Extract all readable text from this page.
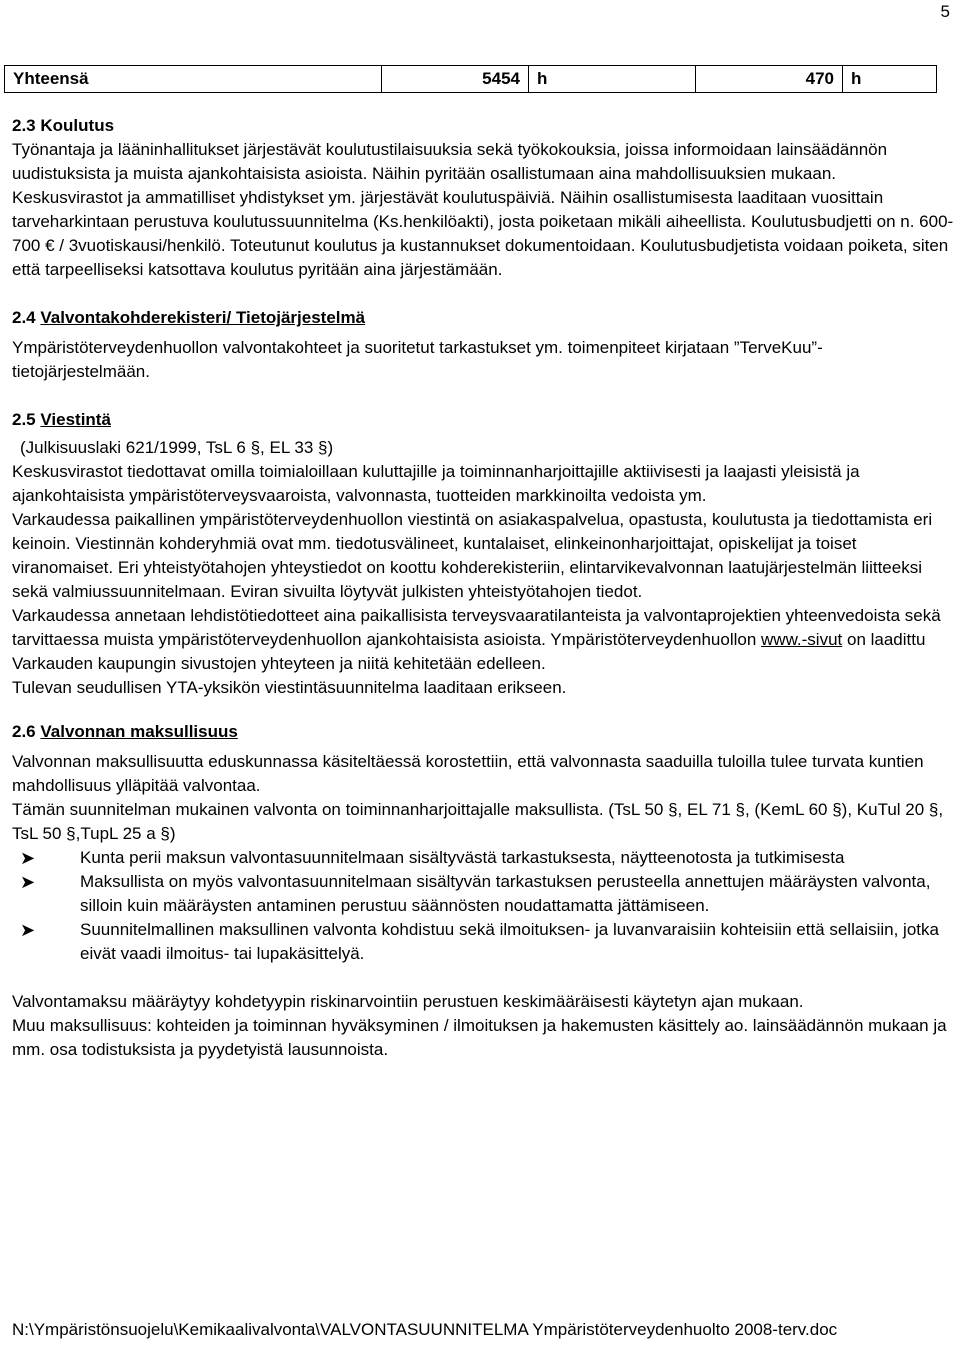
5
Yhteensä	5454	h	470	h
2.3 Koulutus

Työnantaja ja lääninhallitukset järjestävät koulutustilaisuuksia sekä työkokouksia, joissa informoidaan lainsäädännön uudistuksista ja muista ajankohtaisista asioista. Näihin pyritään osallistumaan aina mahdollisuuksien mukaan.

Keskusvirastot ja ammatilliset yhdistykset ym. järjestävät koulutuspäiviä. Näihin osallistumisesta laaditaan vuosittain tarveharkintaan perustuva koulutussuunnitelma (Ks.henkilöakti), josta poiketaan mikäli aiheellista. Koulutusbudjetti on n. 600-700 € / 3vuotiskausi/henkilö. Toteutunut koulutus ja kustannukset dokumentoidaan. Koulutusbudjetista voidaan poiketa, siten että tarpeelliseksi katsottava koulutus pyritään aina järjestämään.

2.4 Valvontakohderekisteri/ Tietojärjestelmä

Ympäristöterveydenhuollon valvontakohteet ja suoritetut tarkastukset ym. toimenpiteet kirjataan ”TerveKuu”- tietojärjestelmään.

2.5 Viestintä

(Julkisuuslaki 621/1999, TsL 6 §, EL 33 §)

Keskusvirastot tiedottavat omilla toimialoillaan kuluttajille ja toiminnanharjoittajille aktiivisesti ja laajasti yleisistä ja ajankohtaisista ympäristöterveysvaaroista, valvonnasta, tuotteiden markkinoilta vedoista ym.

Varkaudessa paikallinen ympäristöterveydenhuollon viestintä on asiakaspalvelua, opastusta, koulutusta ja tiedottamista eri keinoin. Viestinnän kohderyhmiä ovat mm. tiedotusvälineet, kuntalaiset, elinkeinonharjoittajat, opiskelijat ja toiset viranomaiset. Eri yhteistyötahojen yhteystiedot on koottu kohderekisteriin, elintarvikevalvonnan laatujärjestelmän liitteeksi sekä valmiussuunnitelmaan. Eviran sivuilta löytyvät julkisten yhteistyötahojen tiedot.

Varkaudessa annetaan lehdistötiedotteet aina paikallisista terveysvaaratilanteista ja valvontaprojektien yhteenvedoista sekä tarvittaessa muista ympäristöterveydenhuollon ajankohtaisista asioista. Ympäristöterveydenhuollon www.-sivut on laadittu Varkauden kaupungin sivustojen yhteyteen ja niitä kehitetään edelleen.

Tulevan seudullisen YTA-yksikön viestintäsuunnitelma laaditaan erikseen.

2.6 Valvonnan maksullisuus

Valvonnan maksullisuutta eduskunnassa käsiteltäessä korostettiin, että valvonnasta saaduilla tuloilla tulee turvata kuntien mahdollisuus ylläpitää valvontaa.

Tämän suunnitelman mukainen valvonta on toiminnanharjoittajalle maksullista. (TsL 50 §, EL 71 §, (KemL 60 §), KuTul 20 §, TsL 50 §,TupL 25 a §)

➤	Kunta perii maksun valvontasuunnitelmaan sisältyvästä tarkastuksesta, näytteenotosta ja tutkimisesta
➤	Maksullista on myös valvontasuunnitelmaan sisältyvän tarkastuksen perusteella annettujen määräysten valvonta, silloin kuin määräysten antaminen perustuu säännösten noudattamatta jättämiseen.
➤	Suunnitelmallinen maksullinen valvonta kohdistuu sekä ilmoituksen- ja luvanvaraisiin kohteisiin että sellaisiin, jotka eivät vaadi ilmoitus- tai lupakäsittelyä.

Valvontamaksu määräytyy kohdetyypin riskinarvointiin perustuen keskimääräisesti käytetyn ajan mukaan.

Muu maksullisuus: kohteiden ja toiminnan hyväksyminen / ilmoituksen ja hakemusten käsittely ao. lainsäädännön mukaan ja mm. osa todistuksista ja pyydetyistä lausunnoista.

N:\Ympäristönsuojelu\Kemikaalivalvonta\VALVONTASUUNNITELMA Ympäristöterveydenhuolto 2008-terv.doc
